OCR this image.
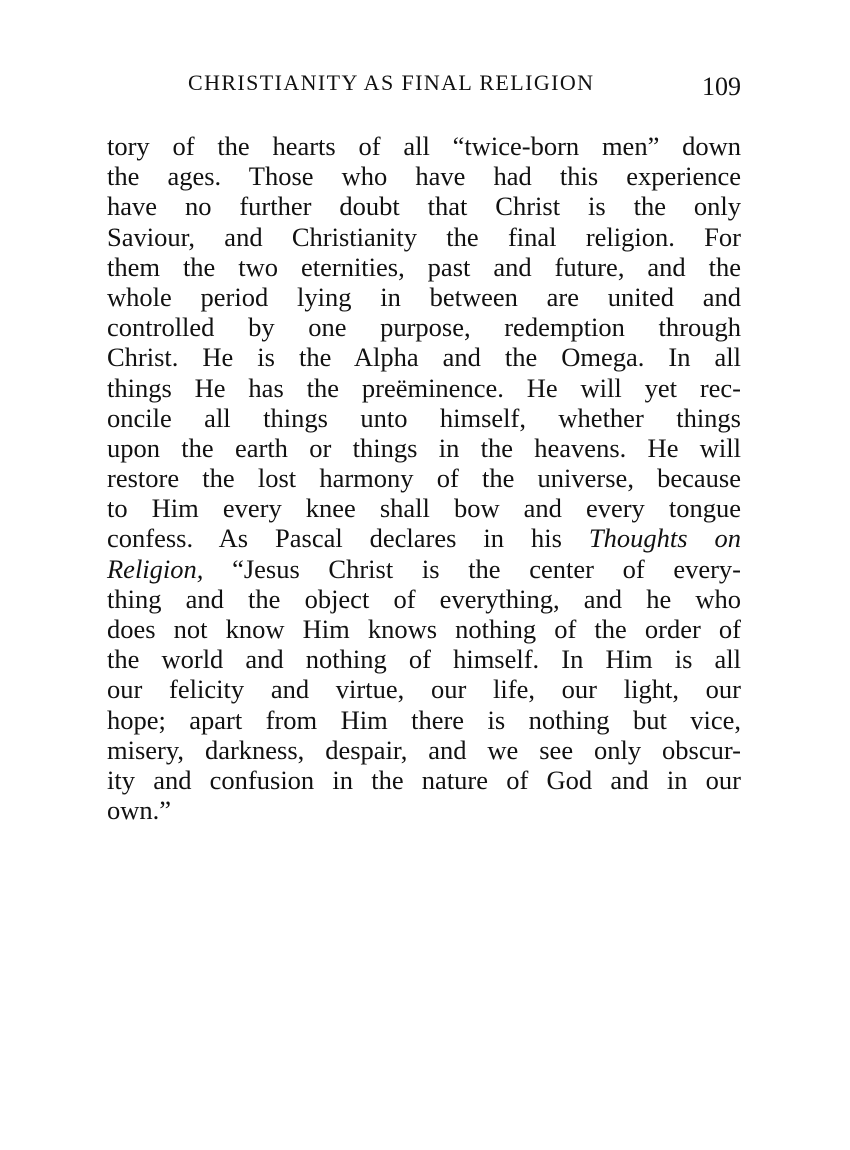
CHRISTIANITY AS FINAL RELIGION	109
tory of the hearts of all “twice-born men” down
the ages. Those who have had this experience
have no further doubt that Christ is the only
Saviour, and Christianity the final religion. For
them the two eternities, past and future, and the
whole period lying in between are united and
controlled by one purpose, redemption through
Christ. He is the Alpha and the Omega. In all
things He has the preëminence. He will yet rec-
oncile all things unto himself, whether things
upon the earth or things in the heavens. He will
restore the lost harmony of the universe, because
to Him every knee shall bow and every tongue
confess. As Pascal declares in his Thoughts on
Religion, “Jesus Christ is the center of every-
thing and the object of everything, and he who
does not know Him knows nothing of the order of
the world and nothing of himself. In Him is all
our felicity and virtue, our life, our light, our
hope; apart from Him there is nothing but vice,
misery, darkness, despair, and we see only obscur-
ity and confusion in the nature of God and in our
own.”
